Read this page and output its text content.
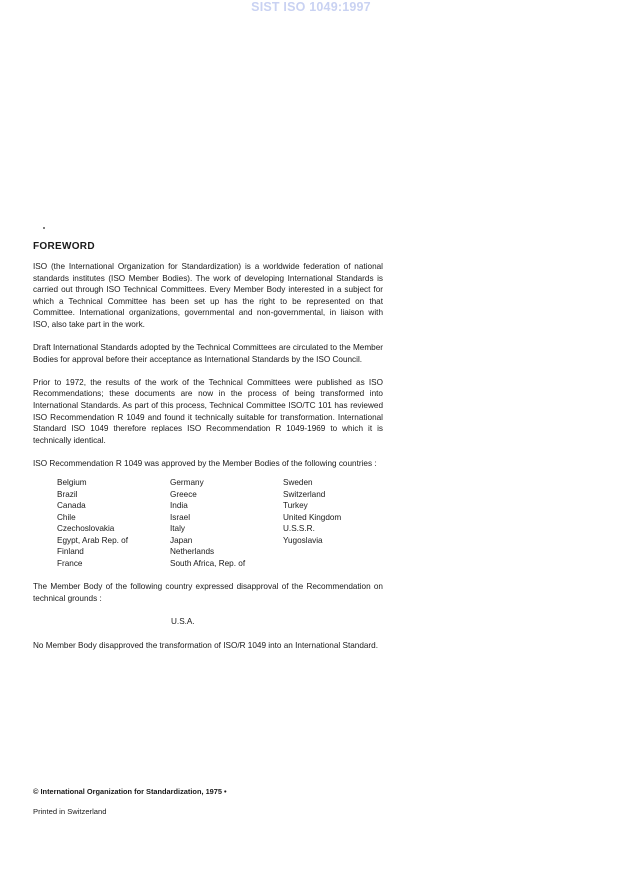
SIST ISO 1049:1997
FOREWORD

ISO (the International Organization for Standardization) is a worldwide federation of national standards institutes (ISO Member Bodies). The work of developing International Standards is carried out through ISO Technical Committees. Every Member Body interested in a subject for which a Technical Committee has been set up has the right to be represented on that Committee. International organizations, governmental and non-governmental, in liaison with ISO, also take part in the work.

Draft International Standards adopted by the Technical Committees are circulated to the Member Bodies for approval before their acceptance as International Standards by the ISO Council.

Prior to 1972, the results of the work of the Technical Committees were published as ISO Recommendations; these documents are now in the process of being transformed into International Standards. As part of this process, Technical Committee ISO/TC 101 has reviewed ISO Recommendation R 1049 and found it technically suitable for transformation. International Standard ISO 1049 therefore replaces ISO Recommendation R 1049-1969 to which it is technically identical.

ISO Recommendation R 1049 was approved by the Member Bodies of the following countries :

Belgium
Brazil
Canada
Chile
Czechoslovakia
Egypt, Arab Rep. of
Finland
France
Germany
Greece
India
Israel
Italy
Japan
Netherlands
South Africa, Rep. of
Sweden
Switzerland
Turkey
United Kingdom
U.S.S.R.
Yugoslavia

The Member Body of the following country expressed disapproval of the Recommendation on technical grounds :

U.S.A.

No Member Body disapproved the transformation of ISO/R 1049 into an International Standard.

© International Organization for Standardization, 1975 •
Printed in Switzerland
